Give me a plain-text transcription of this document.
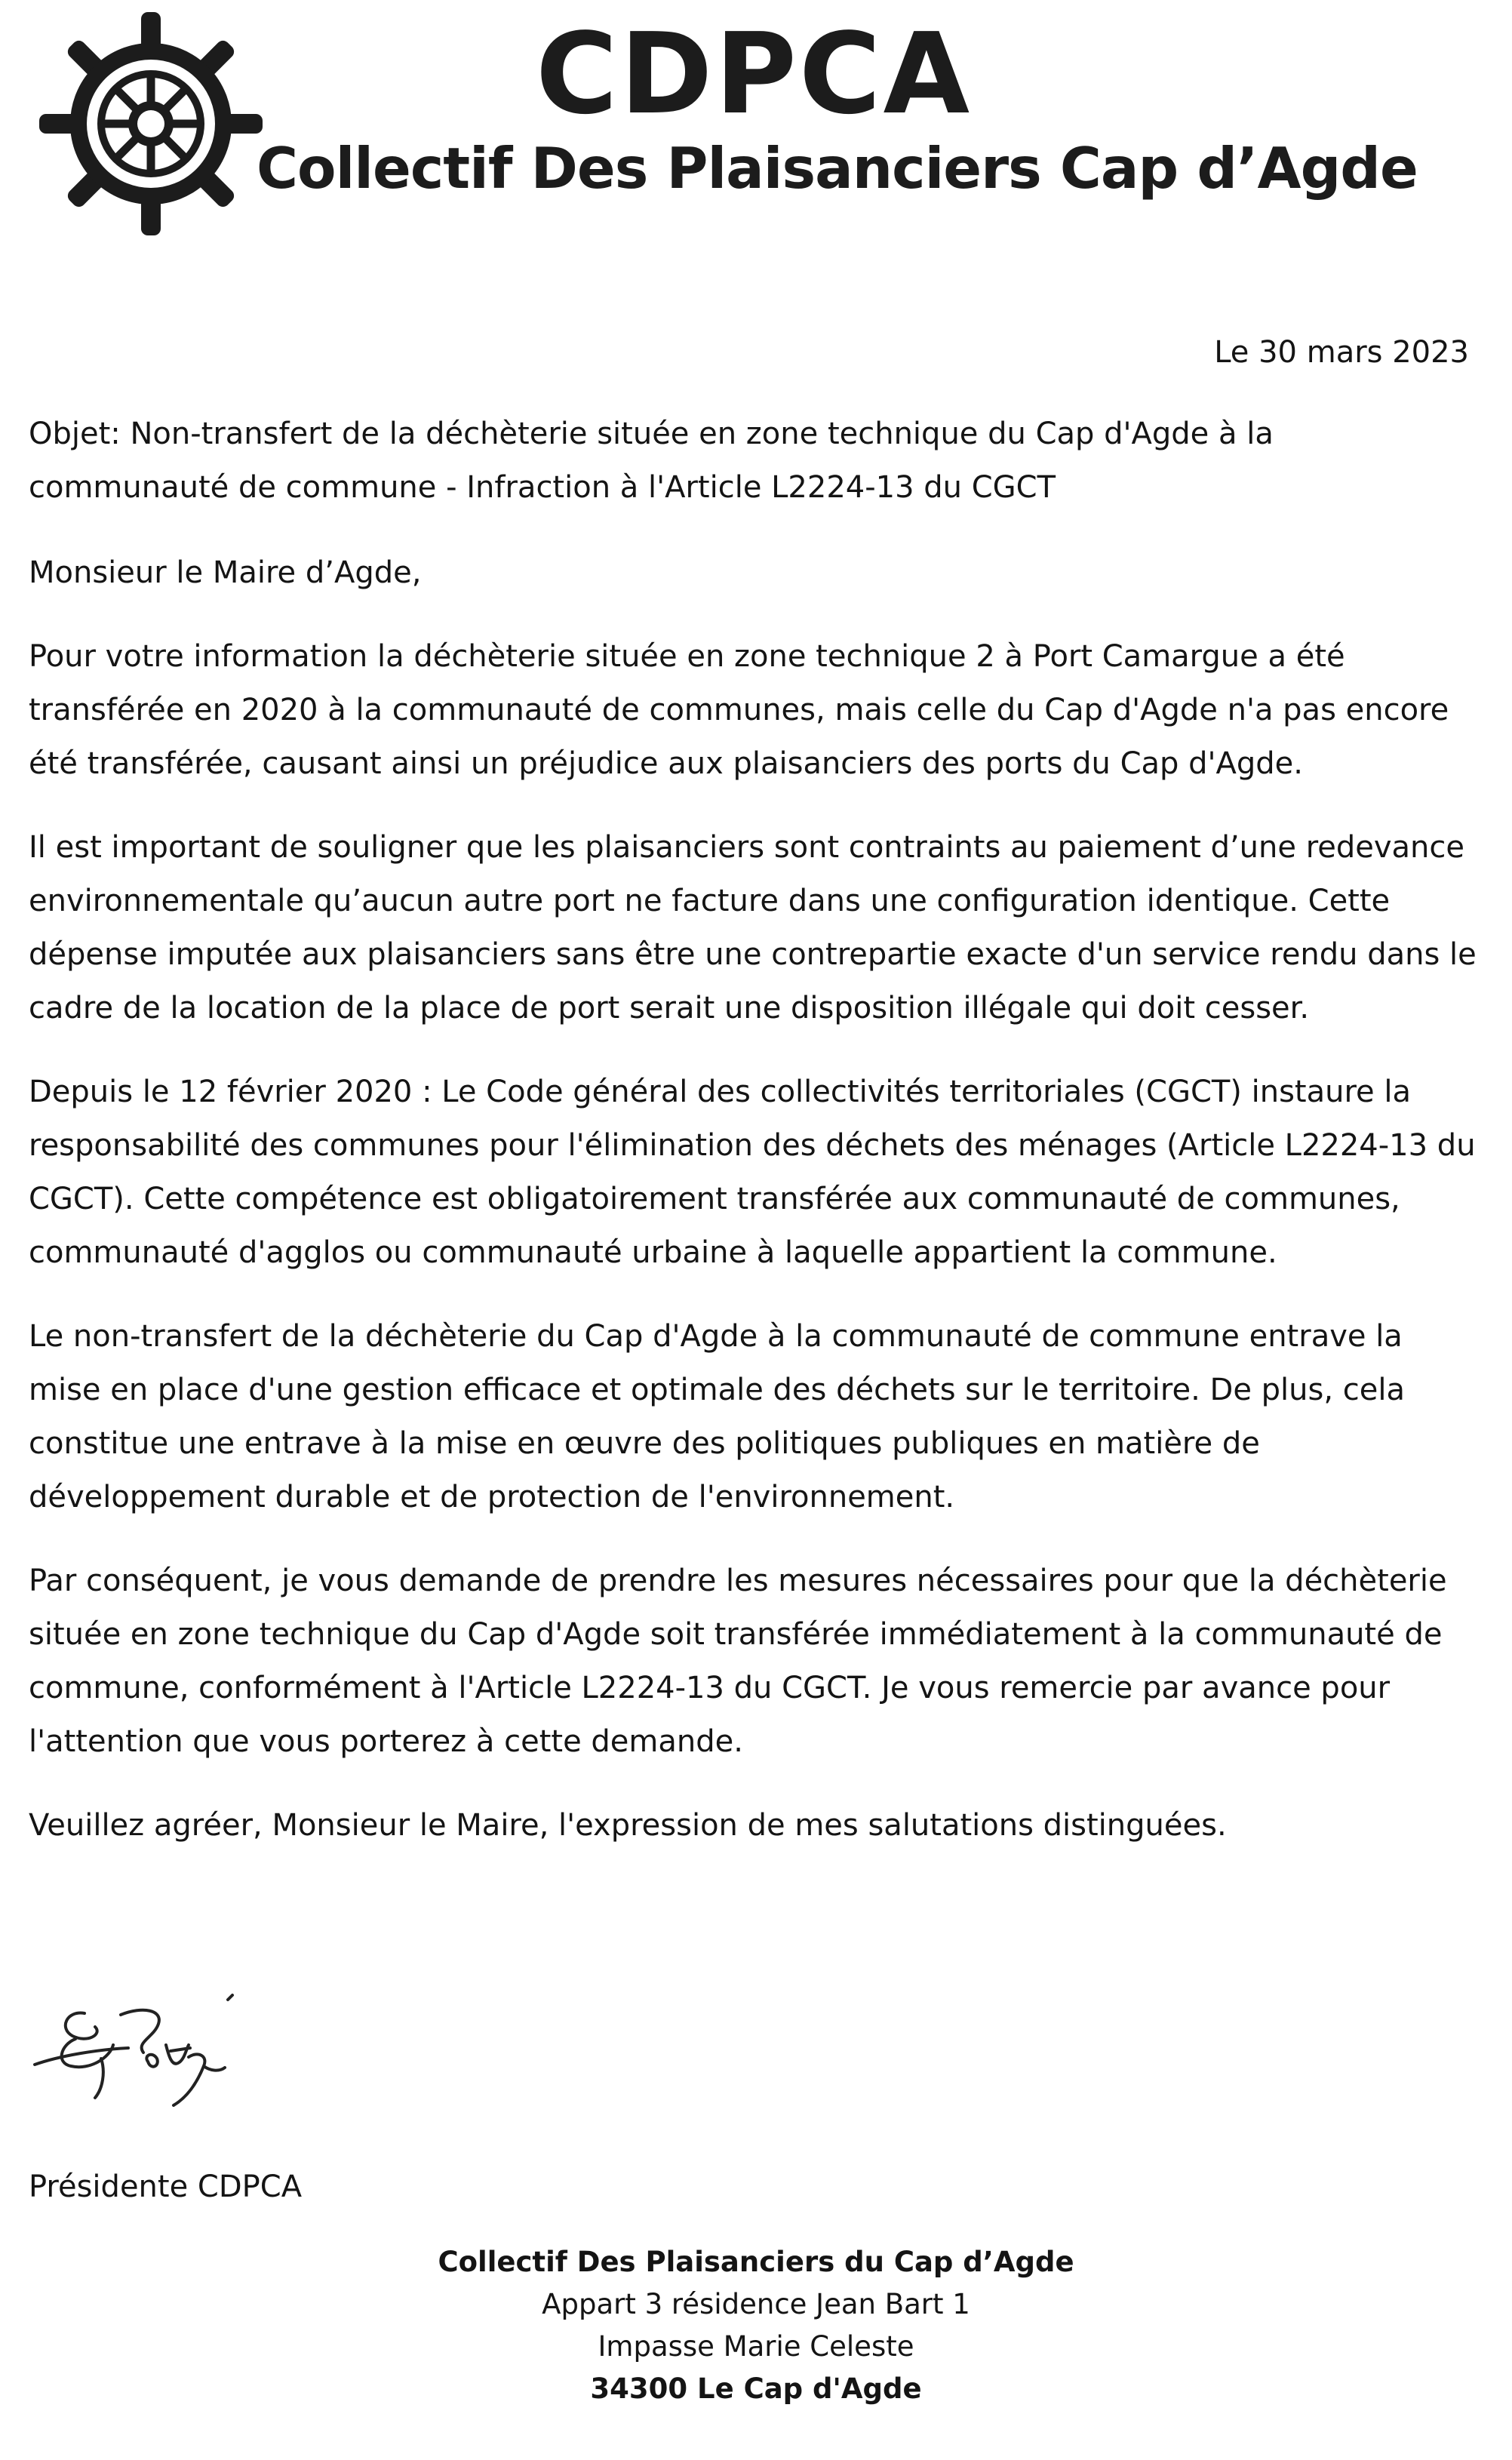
CDPCA
Collectif Des Plaisanciers Cap d’Agde
Le 30 mars 2023

Objet: Non-transfert de la déchèterie située en zone technique du Cap d'Agde à la communauté de commune - Infraction à l'Article L2224-13 du CGCT

Monsieur le Maire d’Agde,

Pour votre information la déchèterie située en zone technique 2 à Port Camargue a été transférée en 2020 à la communauté de communes, mais celle du Cap d'Agde n'a pas encore été transférée, causant ainsi un préjudice aux plaisanciers des ports du Cap d'Agde.

Il est important de souligner que les plaisanciers sont contraints au paiement d’une redevance environnementale qu’aucun autre port ne facture dans une configuration identique. Cette dépense imputée aux plaisanciers sans être une contrepartie exacte d'un service rendu dans le cadre de la location de la place de port serait une disposition illégale qui doit cesser.

Depuis le 12 février 2020 : Le Code général des collectivités territoriales (CGCT) instaure la responsabilité des communes pour l'élimination des déchets des ménages (Article L2224-13 du CGCT). Cette compétence est obligatoirement transférée aux communauté de communes, communauté d'agglos ou communauté urbaine à laquelle appartient la commune.

Le non-transfert de la déchèterie du Cap d'Agde à la communauté de commune entrave la mise en place d'une gestion efficace et optimale des déchets sur le territoire. De plus, cela constitue une entrave à la mise en œuvre des politiques publiques en matière de développement durable et de protection de l'environnement.

Par conséquent, je vous demande de prendre les mesures nécessaires pour que la déchèterie située en zone technique du Cap d'Agde soit transférée immédiatement à la communauté de commune, conformément à l'Article L2224-13 du CGCT. Je vous remercie par avance pour l'attention que vous porterez à cette demande.

Veuillez agréer, Monsieur le Maire, l'expression de mes salutations distinguées.

Présidente CDPCA

Collectif Des Plaisanciers du Cap d’Agde
Appart 3 résidence Jean Bart 1
Impasse Marie Celeste
34300 Le Cap d'Agde
